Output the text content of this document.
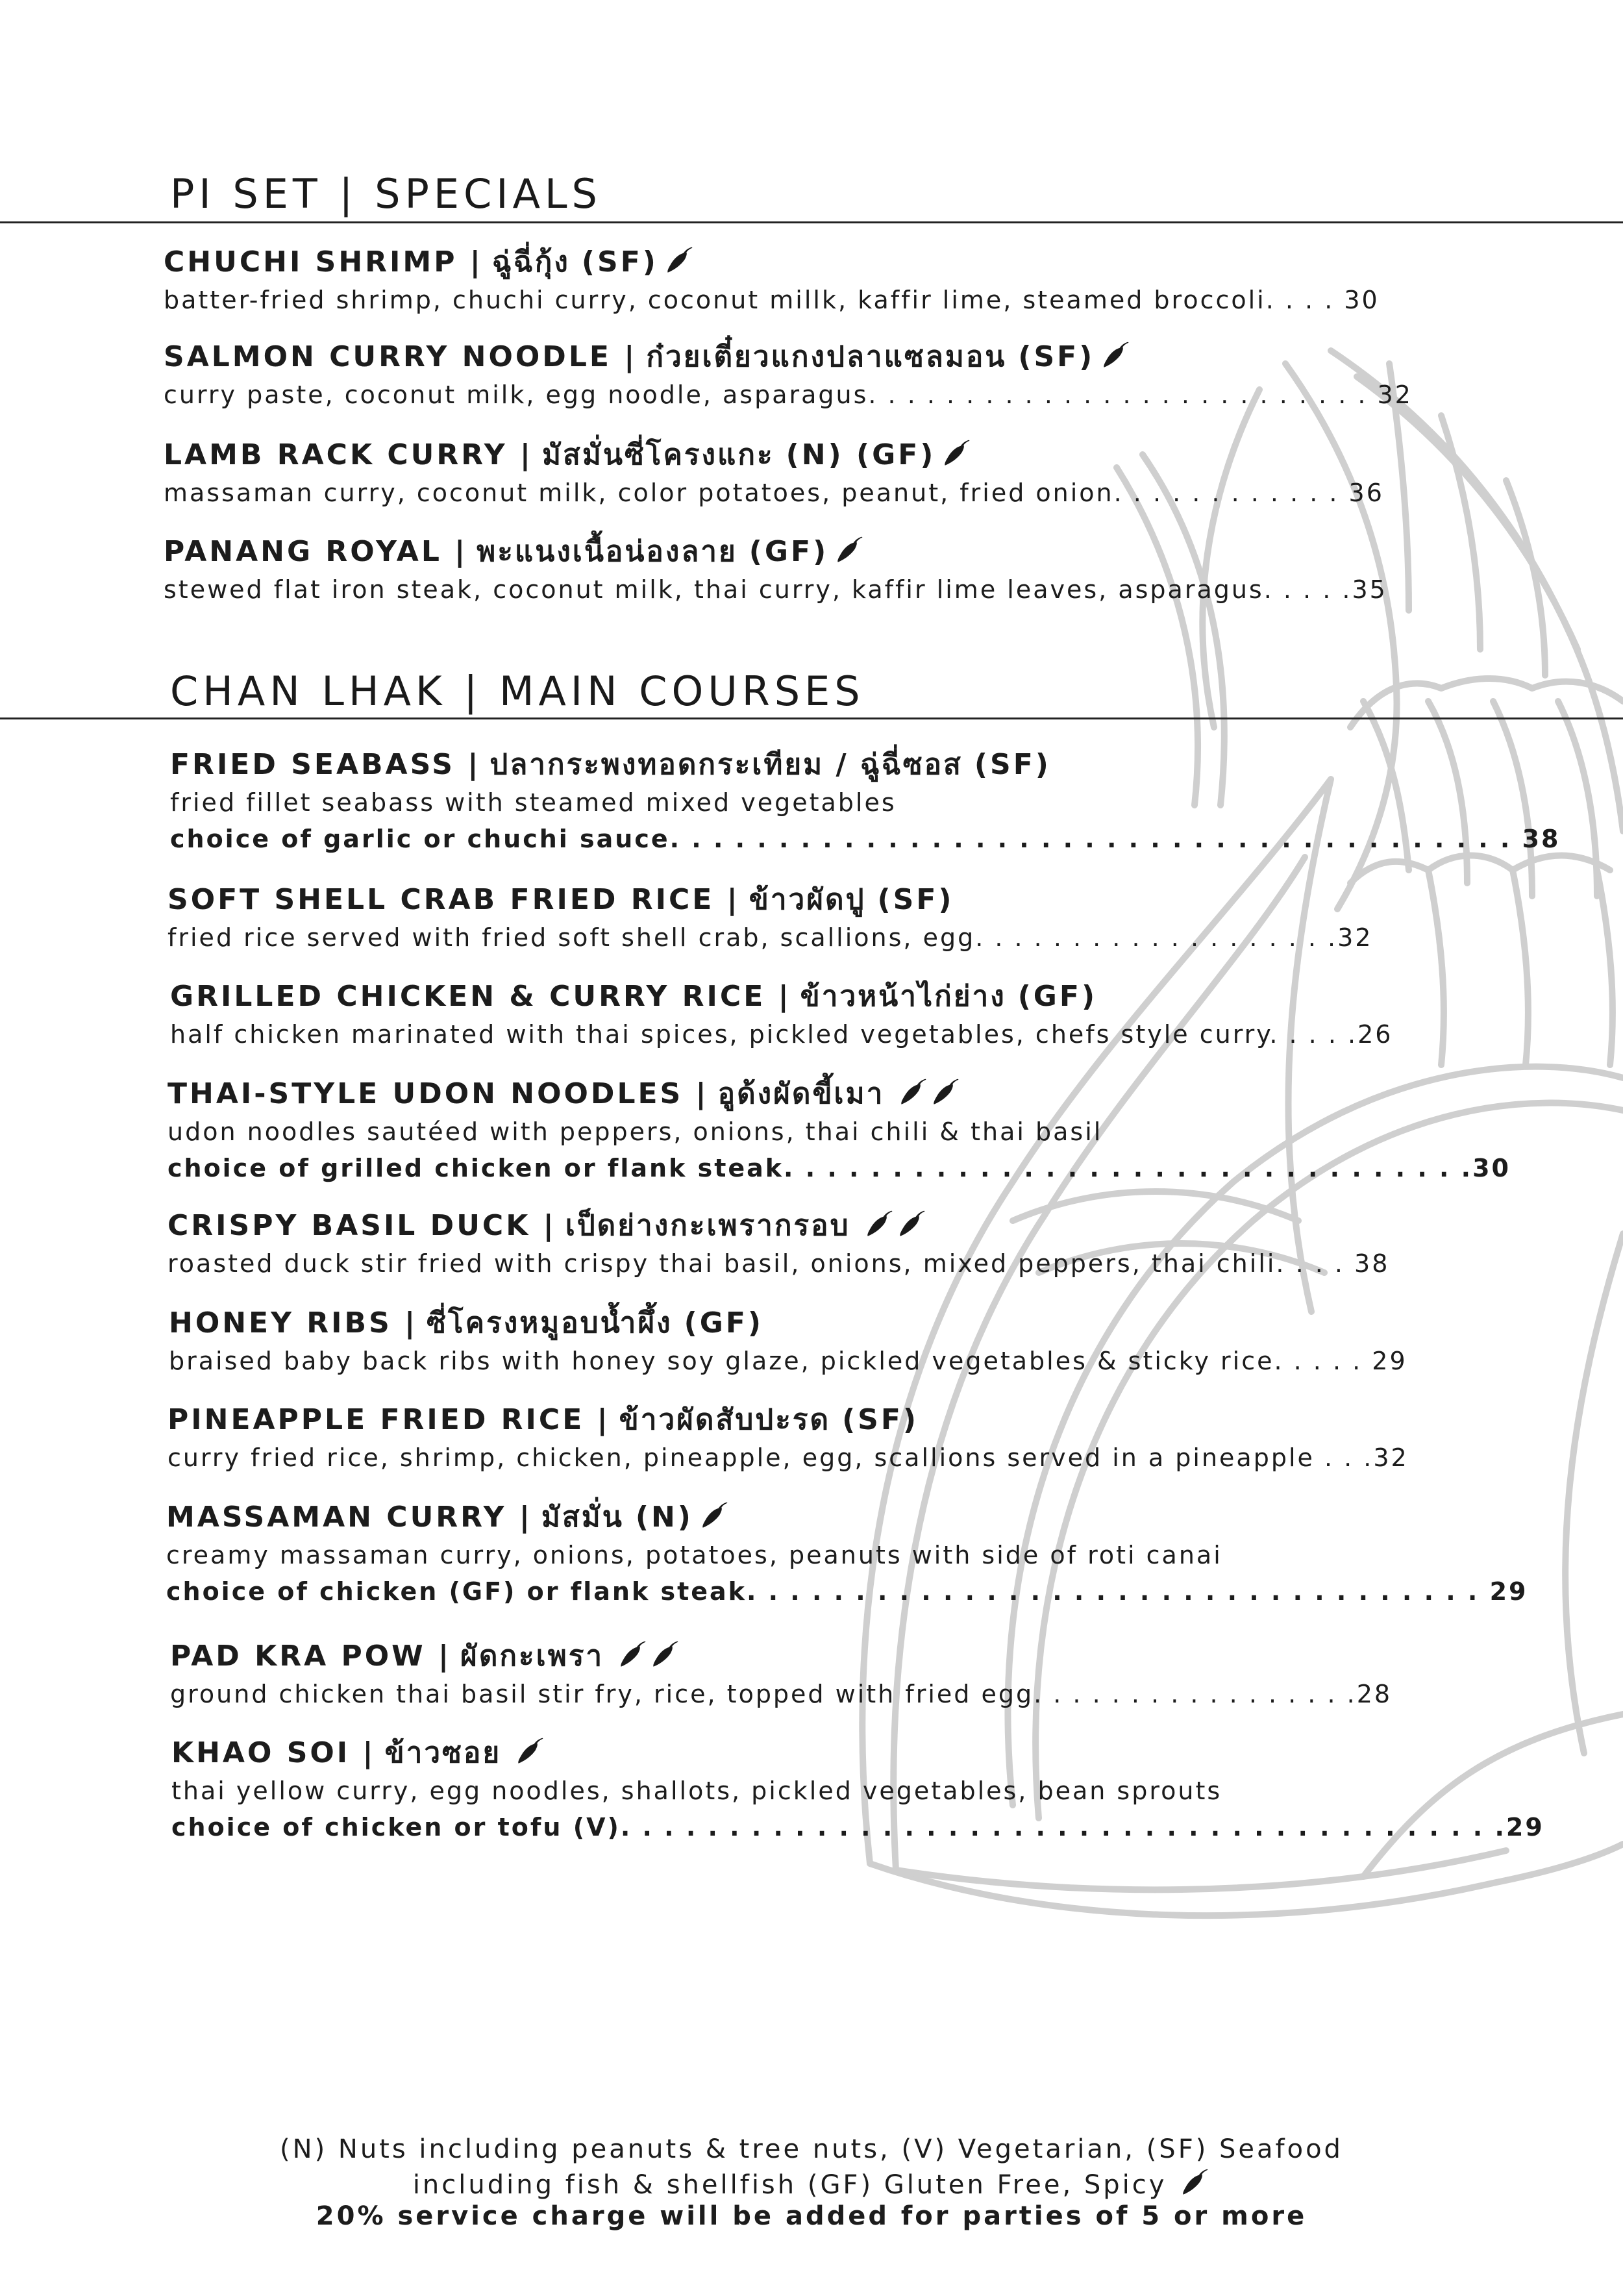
PI SET | SPECIALS
CHUCHI SHRIMP | ฉู่ฉี่กุ้ง (SF)
batter-fried shrimp, chuchi curry, coconut millk, kaffir lime, steamed broccoli. . . . 30
SALMON CURRY NOODLE | ก๋วยเตี๋ยวแกงปลาแซลมอน (SF)
curry paste, coconut milk, egg noodle, asparagus. . . . . . . . . . . . . . . . . . . . . . . . . . 32
LAMB RACK CURRY | มัสมั่นซี่โครงแกะ (N) (GF)
massaman curry, coconut milk, color potatoes, peanut, fried onion. . . . . . . . . . . . 36
PANANG ROYAL | พะแนงเนื้อน่องลาย (GF)
stewed flat iron steak, coconut milk, thai curry, kaffir lime leaves, asparagus. . . . .35
CHAN LHAK | MAIN COURSES
FRIED SEABASS | ปลากระพงทอดกระเทียม / ฉู่ฉี่ซอส (SF)
fried fillet seabass with steamed mixed vegetables
choice of garlic or chuchi sauce. . . . . . . . . . . . . . . . . . . . . . . . . . . . . . . . . . . . . . . 38
SOFT SHELL CRAB FRIED RICE | ข้าวผัดปู (SF)
fried rice served with fried soft shell crab, scallions, egg. . . . . . . . . . . . . . . . . . .32
GRILLED CHICKEN & CURRY RICE | ข้าวหน้าไก่ย่าง (GF)
half chicken marinated with thai spices, pickled vegetables, chefs style curry. . . . .26
THAI-STYLE UDON NOODLES | อูด้งผัดขี้เมา
udon noodles sautéed with peppers, onions, thai chili & thai basil
choice of grilled chicken or flank steak. . . . . . . . . . . . . . . . . . . . . . . . . . . . . . . .30
CRISPY BASIL DUCK | เป็ดย่างกะเพรากรอบ
roasted duck stir fried with crispy thai basil, onions, mixed peppers, thai chili. . . . 38
HONEY RIBS | ซี่โครงหมูอบน้ำผึ้ง (GF)
braised baby back ribs with honey soy glaze, pickled vegetables & sticky rice. . . . . 29
PINEAPPLE FRIED RICE | ข้าวผัดสับปะรด (SF)
curry fried rice, shrimp, chicken, pineapple, egg, scallions served in a pineapple . . .32
MASSAMAN CURRY | มัสมั่น (N)
creamy massaman curry, onions, potatoes, peanuts with side of roti canai
choice of chicken (GF) or flank steak. . . . . . . . . . . . . . . . . . . . . . . . . . . . . . . . . . 29
PAD KRA POW | ผัดกะเพรา
ground chicken thai basil stir fry, rice, topped with fried egg. . . . . . . . . . . . . . . . .28
KHAO SOI | ข้าวซอย
thai yellow curry, egg noodles, shallots, pickled vegetables, bean sprouts
choice of chicken or tofu (V). . . . . . . . . . . . . . . . . . . . . . . . . . . . . . . . . . . . . . . . .29
(N) Nuts including peanuts & tree nuts, (V) Vegetarian, (SF) Seafood
including fish & shellfish (GF) Gluten Free, Spicy
20% service charge will be added for parties of 5 or more
